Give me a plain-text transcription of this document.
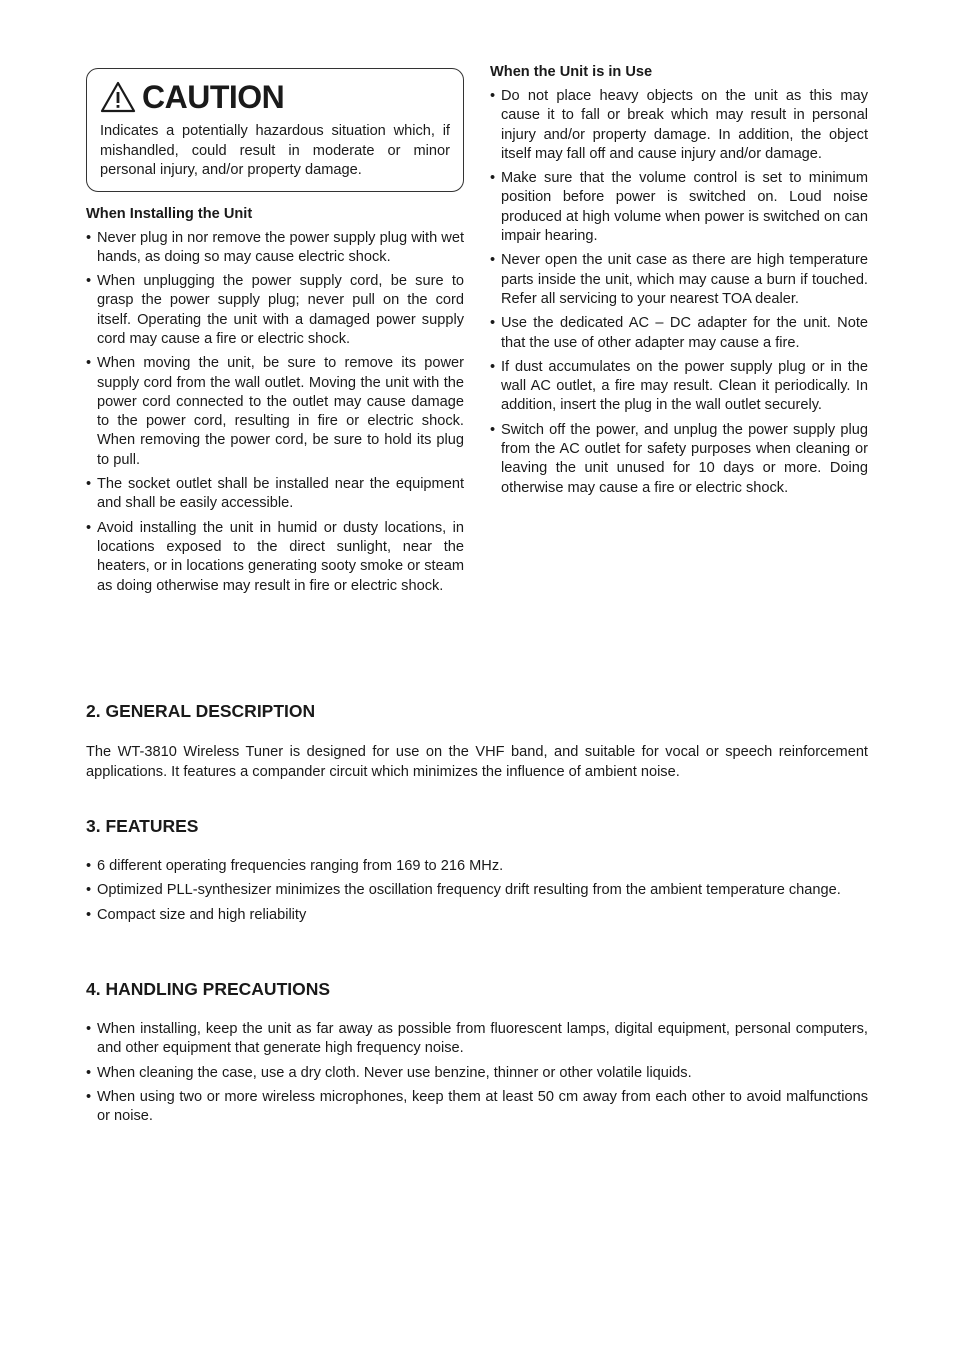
CAUTION
Indicates a potentially hazardous situation which, if mishandled, could result in moderate or minor personal injury, and/or property damage.
When Installing the Unit
• Never plug in nor remove the power supply plug with wet hands, as doing so may cause electric shock.
• When unplugging the power supply cord, be sure to grasp the power supply plug; never pull on the cord itself. Operating the unit with a damaged power supply cord may cause a fire or electric shock.
• When moving the unit, be sure to remove its power supply cord from the wall outlet. Moving the unit with the power cord connected to the outlet may cause damage to the power cord, resulting in fire or electric shock. When removing the power cord, be sure to hold its plug to pull.
• The socket outlet shall be installed near the equipment and shall be easily accessible.
• Avoid installing the unit in humid or dusty locations, in locations exposed to the direct sunlight, near the heaters, or in locations generating sooty smoke or steam as doing otherwise may result in fire or electric shock.
When the Unit is in Use
• Do not place heavy objects on the unit as this may cause it to fall or break which may result in personal injury and/or property damage. In addition, the object itself may fall off and cause injury and/or damage.
• Make sure that the volume control is set to minimum position before power is switched on. Loud noise produced at high volume when power is switched on can impair hearing.
• Never open the unit case as there are high temperature parts inside the unit, which may cause a burn if touched. Refer all servicing to your nearest TOA dealer.
• Use the dedicated AC – DC adapter for the unit. Note that the use of other adapter may cause a fire.
• If dust accumulates on the power supply plug or in the wall AC outlet, a fire may result. Clean it periodically. In addition, insert the plug in the wall outlet securely.
• Switch off the power, and unplug the power supply plug from the AC outlet for safety purposes when cleaning or leaving the unit unused for 10 days or more. Doing otherwise may cause a fire or electric shock.
2. GENERAL DESCRIPTION

The WT-3810 Wireless Tuner is designed for use on the VHF band, and suitable for vocal or speech reinforcement applications. It features a compander circuit which minimizes the influence of ambient noise.

3. FEATURES
• 6 different operating frequencies ranging from 169 to 216 MHz.
• Optimized PLL-synthesizer minimizes the oscillation frequency drift resulting from the ambient temperature change.
• Compact size and high reliability
4. HANDLING PRECAUTIONS
• When installing, keep the unit as far away as possible from fluorescent lamps, digital equipment, personal computers, and other equipment that generate high frequency noise.
• When cleaning the case, use a dry cloth. Never use benzine, thinner or other volatile liquids.
• When using two or more wireless microphones, keep them at least 50 cm away from each other to avoid malfunctions or noise.
